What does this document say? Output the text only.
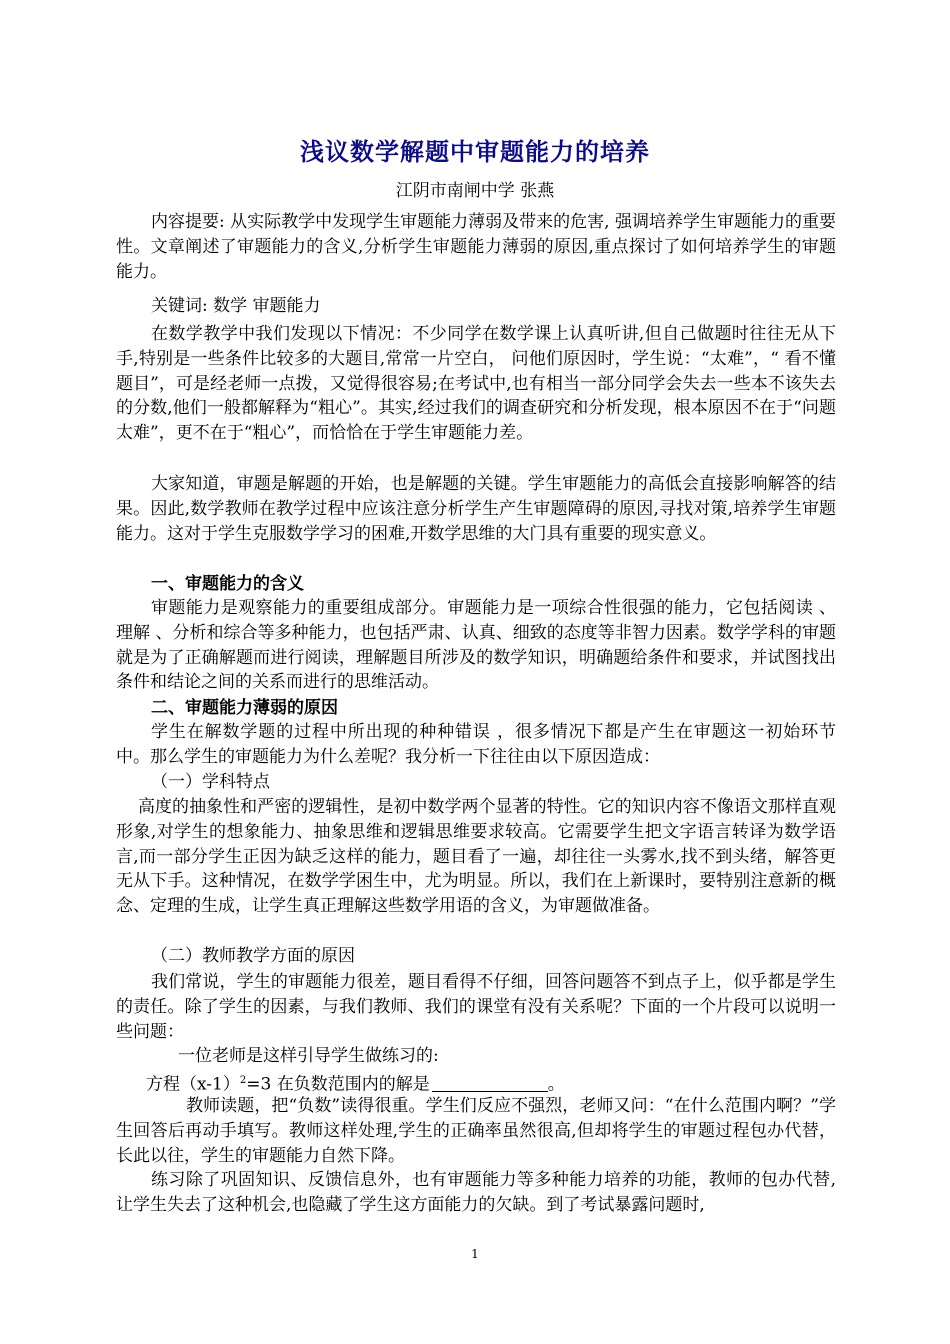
浅议数学解题中审题能力的培养
江阴市南闸中学 张燕
内容提要: 从实际教学中发现学生审题能力薄弱及带来的危害, 强调培养学生审题能力的重要性。文章阐述了审题能力的含义,分析学生审题能力薄弱的原因,重点探讨了如何培养学生的审题能力。
关键词: 数学 审题能力
在数学教学中我们发现以下情况：不少同学在数学课上认真听讲,但自己做题时往往无从下手,特别是一些条件比较多的大题目,常常一片空白， 问他们原因时，学生说：“太难”，“ 看不懂题目”，可是经老师一点拨，又觉得很容易;在考试中,也有相当一部分同学会失去一些本不该失去的分数,他们一般都解释为“粗心”。其实,经过我们的调查研究和分析发现，根本原因不在于“问题太难”，更不在于“粗心”，而恰恰在于学生审题能力差。
大家知道，审题是解题的开始，也是解题的关键。学生审题能力的高低会直接影响解答的结果。因此,数学教师在教学过程中应该注意分析学生产生审题障碍的原因,寻找对策,培养学生审题能力。这对于学生克服数学学习的困难,开数学思维的大门具有重要的现实意义。
一、审题能力的含义
审题能力是观察能力的重要组成部分。审题能力是一项综合性很强的能力，它包括阅读 、理解 、分析和综合等多种能力，也包括严肃、认真、细致的态度等非智力因素。数学学科的审题就是为了正确解题而进行阅读，理解题目所涉及的数学知识，明确题给条件和要求，并试图找出条件和结论之间的关系而进行的思维活动。
二、审题能力薄弱的原因
学生在解数学题的过程中所出现的种种错误 ，很多情况下都是产生在审题这一初始环节中。那么学生的审题能力为什么差呢？我分析一下往往由以下原因造成：
（一）学科特点
高度的抽象性和严密的逻辑性，是初中数学两个显著的特性。它的知识内容不像语文那样直观形象,对学生的想象能力、抽象思维和逻辑思维要求较高。它需要学生把文字语言转译为数学语言,而一部分学生正因为缺乏这样的能力，题目看了一遍，却往往一头雾水,找不到头绪，解答更无从下手。这种情况，在数学学困生中，尤为明显。所以，我们在上新课时，要特别注意新的概念、定理的生成，让学生真正理解这些数学用语的含义，为审题做准备。
（二）教师教学方面的原因
我们常说，学生的审题能力很差，题目看得不仔细，回答问题答不到点子上，似乎都是学生的责任。除了学生的因素，与我们教师、我们的课堂有没有关系呢？下面的一个片段可以说明一些问题：
一位老师是这样引导学生做练习的:
方程$(x-1)^2=3$ 在负数范围内的解是	。
教师读题，把“负数”读得很重。学生们反应不强烈，老师又问：“在什么范围内啊？”学生回答后再动手填写。教师这样处理,学生的正确率虽然很高,但却将学生的审题过程包办代替，长此以往，学生的审题能力自然下降。
练习除了巩固知识、反馈信息外，也有审题能力等多种能力培养的功能，教师的包办代替,让学生失去了这种机会,也隐藏了学生这方面能力的欠缺。到了考试暴露问题时,
1
